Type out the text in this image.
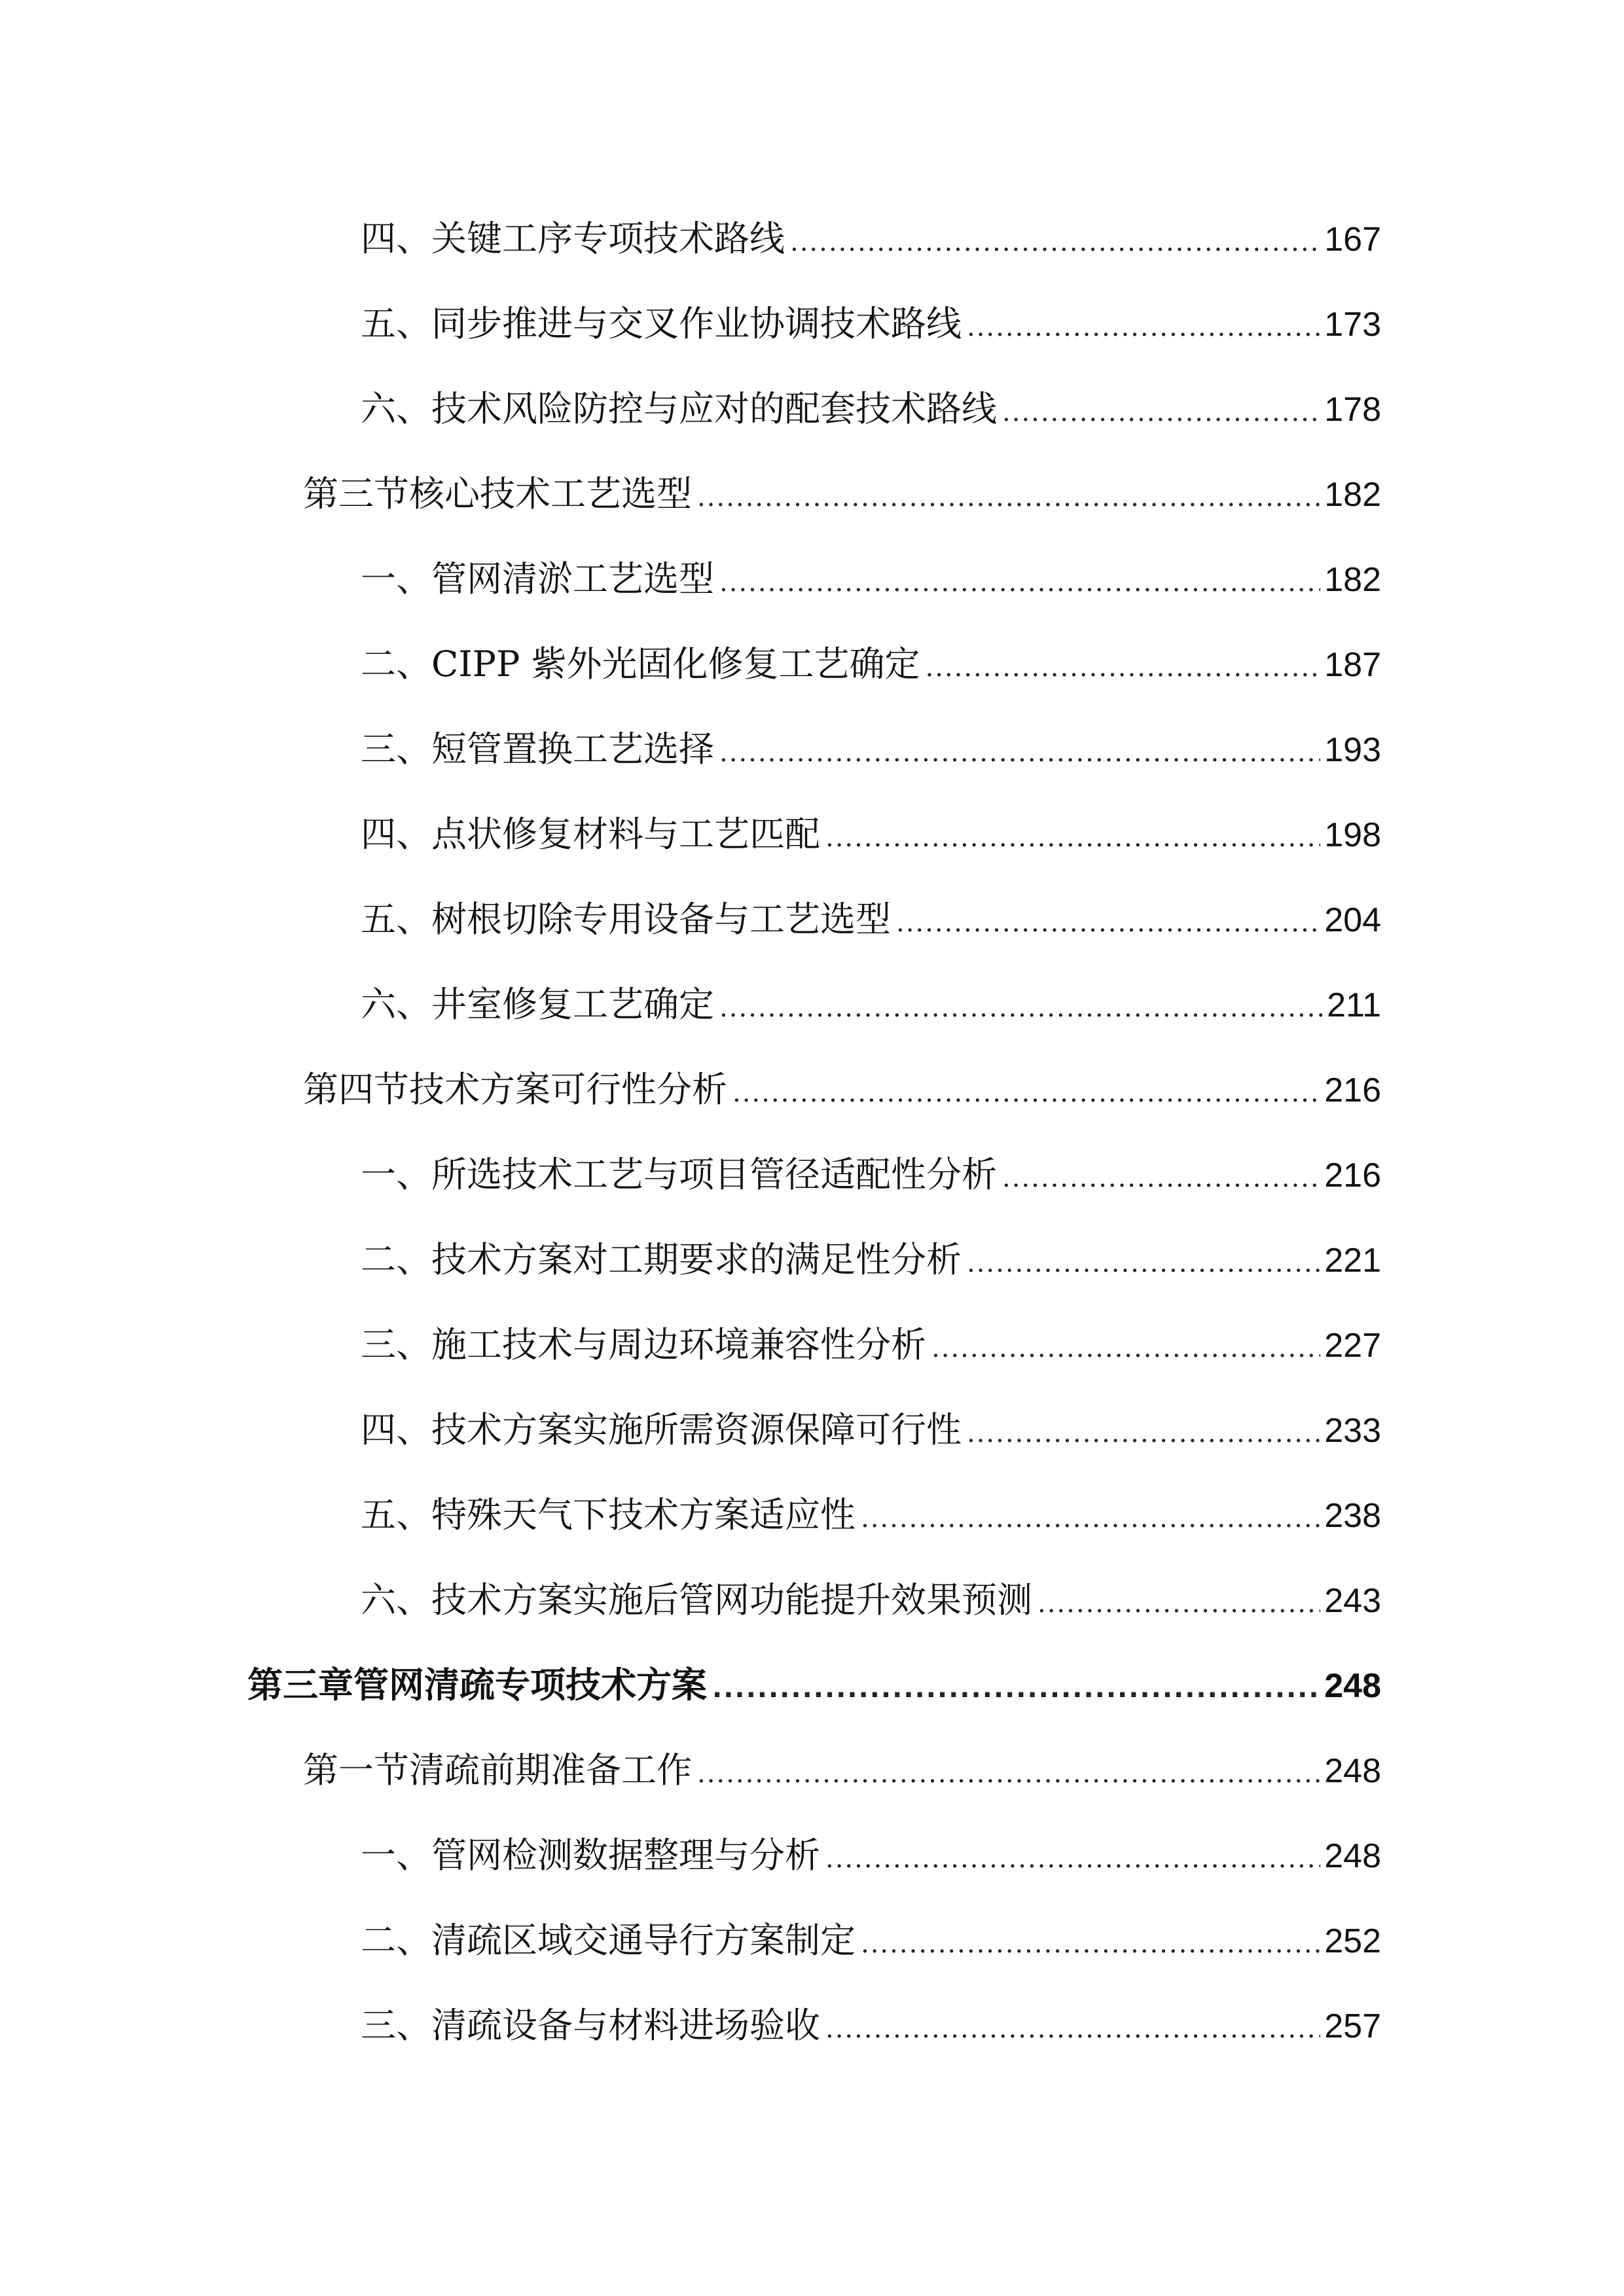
四、关键工序专项技术路线 .....	167
五、同步推进与交叉作业协调技术路线 .....	173
六、技术风险防控与应对的配套技术路线 .....	178
第三节核心技术工艺选型 .....	182
一、管网清淤工艺选型 .....	182
二、CIPP 紫外光固化修复工艺确定 .....	187
三、短管置换工艺选择 .....	193
四、点状修复材料与工艺匹配 .....	198
五、树根切除专用设备与工艺选型 .....	204
六、井室修复工艺确定 .....	211
第四节技术方案可行性分析 .....	216
一、所选技术工艺与项目管径适配性分析 .....	216
二、技术方案对工期要求的满足性分析 .....	221
三、施工技术与周边环境兼容性分析 .....	227
四、技术方案实施所需资源保障可行性 .....	233
五、特殊天气下技术方案适应性 .....	238
六、技术方案实施后管网功能提升效果预测 .....	243
第三章管网清疏专项技术方案 .....	248
第一节清疏前期准备工作 .....	248
一、管网检测数据整理与分析 .....	248
二、清疏区域交通导行方案制定 .....	252
三、清疏设备与材料进场验收 .....	257
